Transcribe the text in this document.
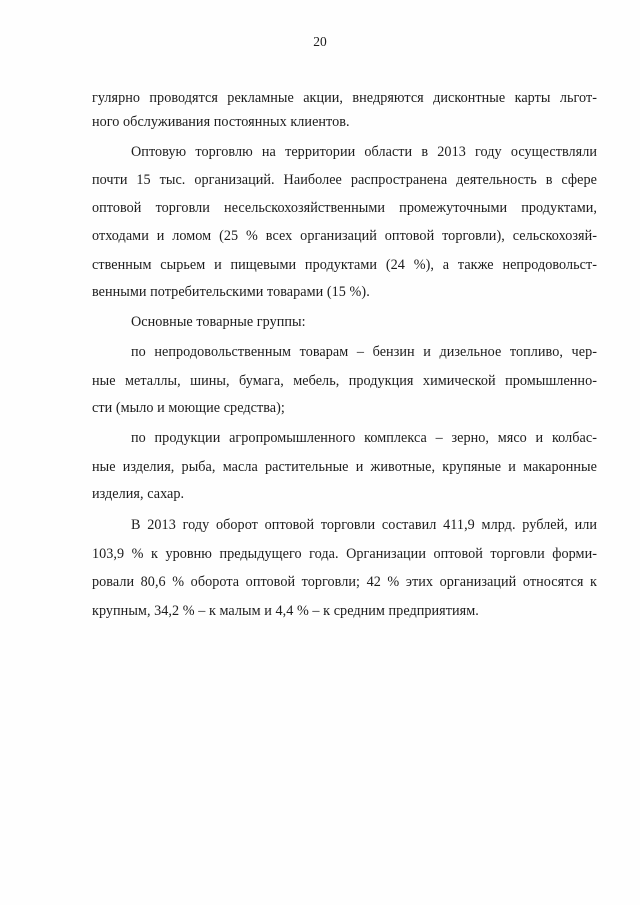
20
гулярно проводятся рекламные акции, внедряются дисконтные карты льгот-
ного обслуживания постоянных клиентов.
Оптовую торговлю на территории области в 2013 году осуществляли
почти 15 тыс. организаций. Наиболее распространена деятельность в сфере
оптовой торговли несельскохозяйственными промежуточными продуктами,
отходами и ломом (25 % всех организаций оптовой торговли), сельскохозяй-
ственным сырьем и пищевыми продуктами (24 %), а также непродовольст-
венными потребительскими товарами (15 %).
Основные товарные группы:
по непродовольственным товарам – бензин и дизельное топливо, чер-
ные металлы, шины, бумага, мебель, продукция химической промышленно-
сти (мыло и моющие средства);
по продукции агропромышленного комплекса – зерно, мясо и колбас-
ные изделия, рыба, масла растительные и животные, крупяные и макаронные
изделия, сахар.
В 2013 году оборот оптовой торговли составил 411,9 млрд. рублей, или
103,9 % к уровню предыдущего года. Организации оптовой торговли форми-
ровали 80,6 % оборота оптовой торговли; 42 % этих организаций относятся к
крупным, 34,2 % – к малым и 4,4 % – к средним предприятиям.
